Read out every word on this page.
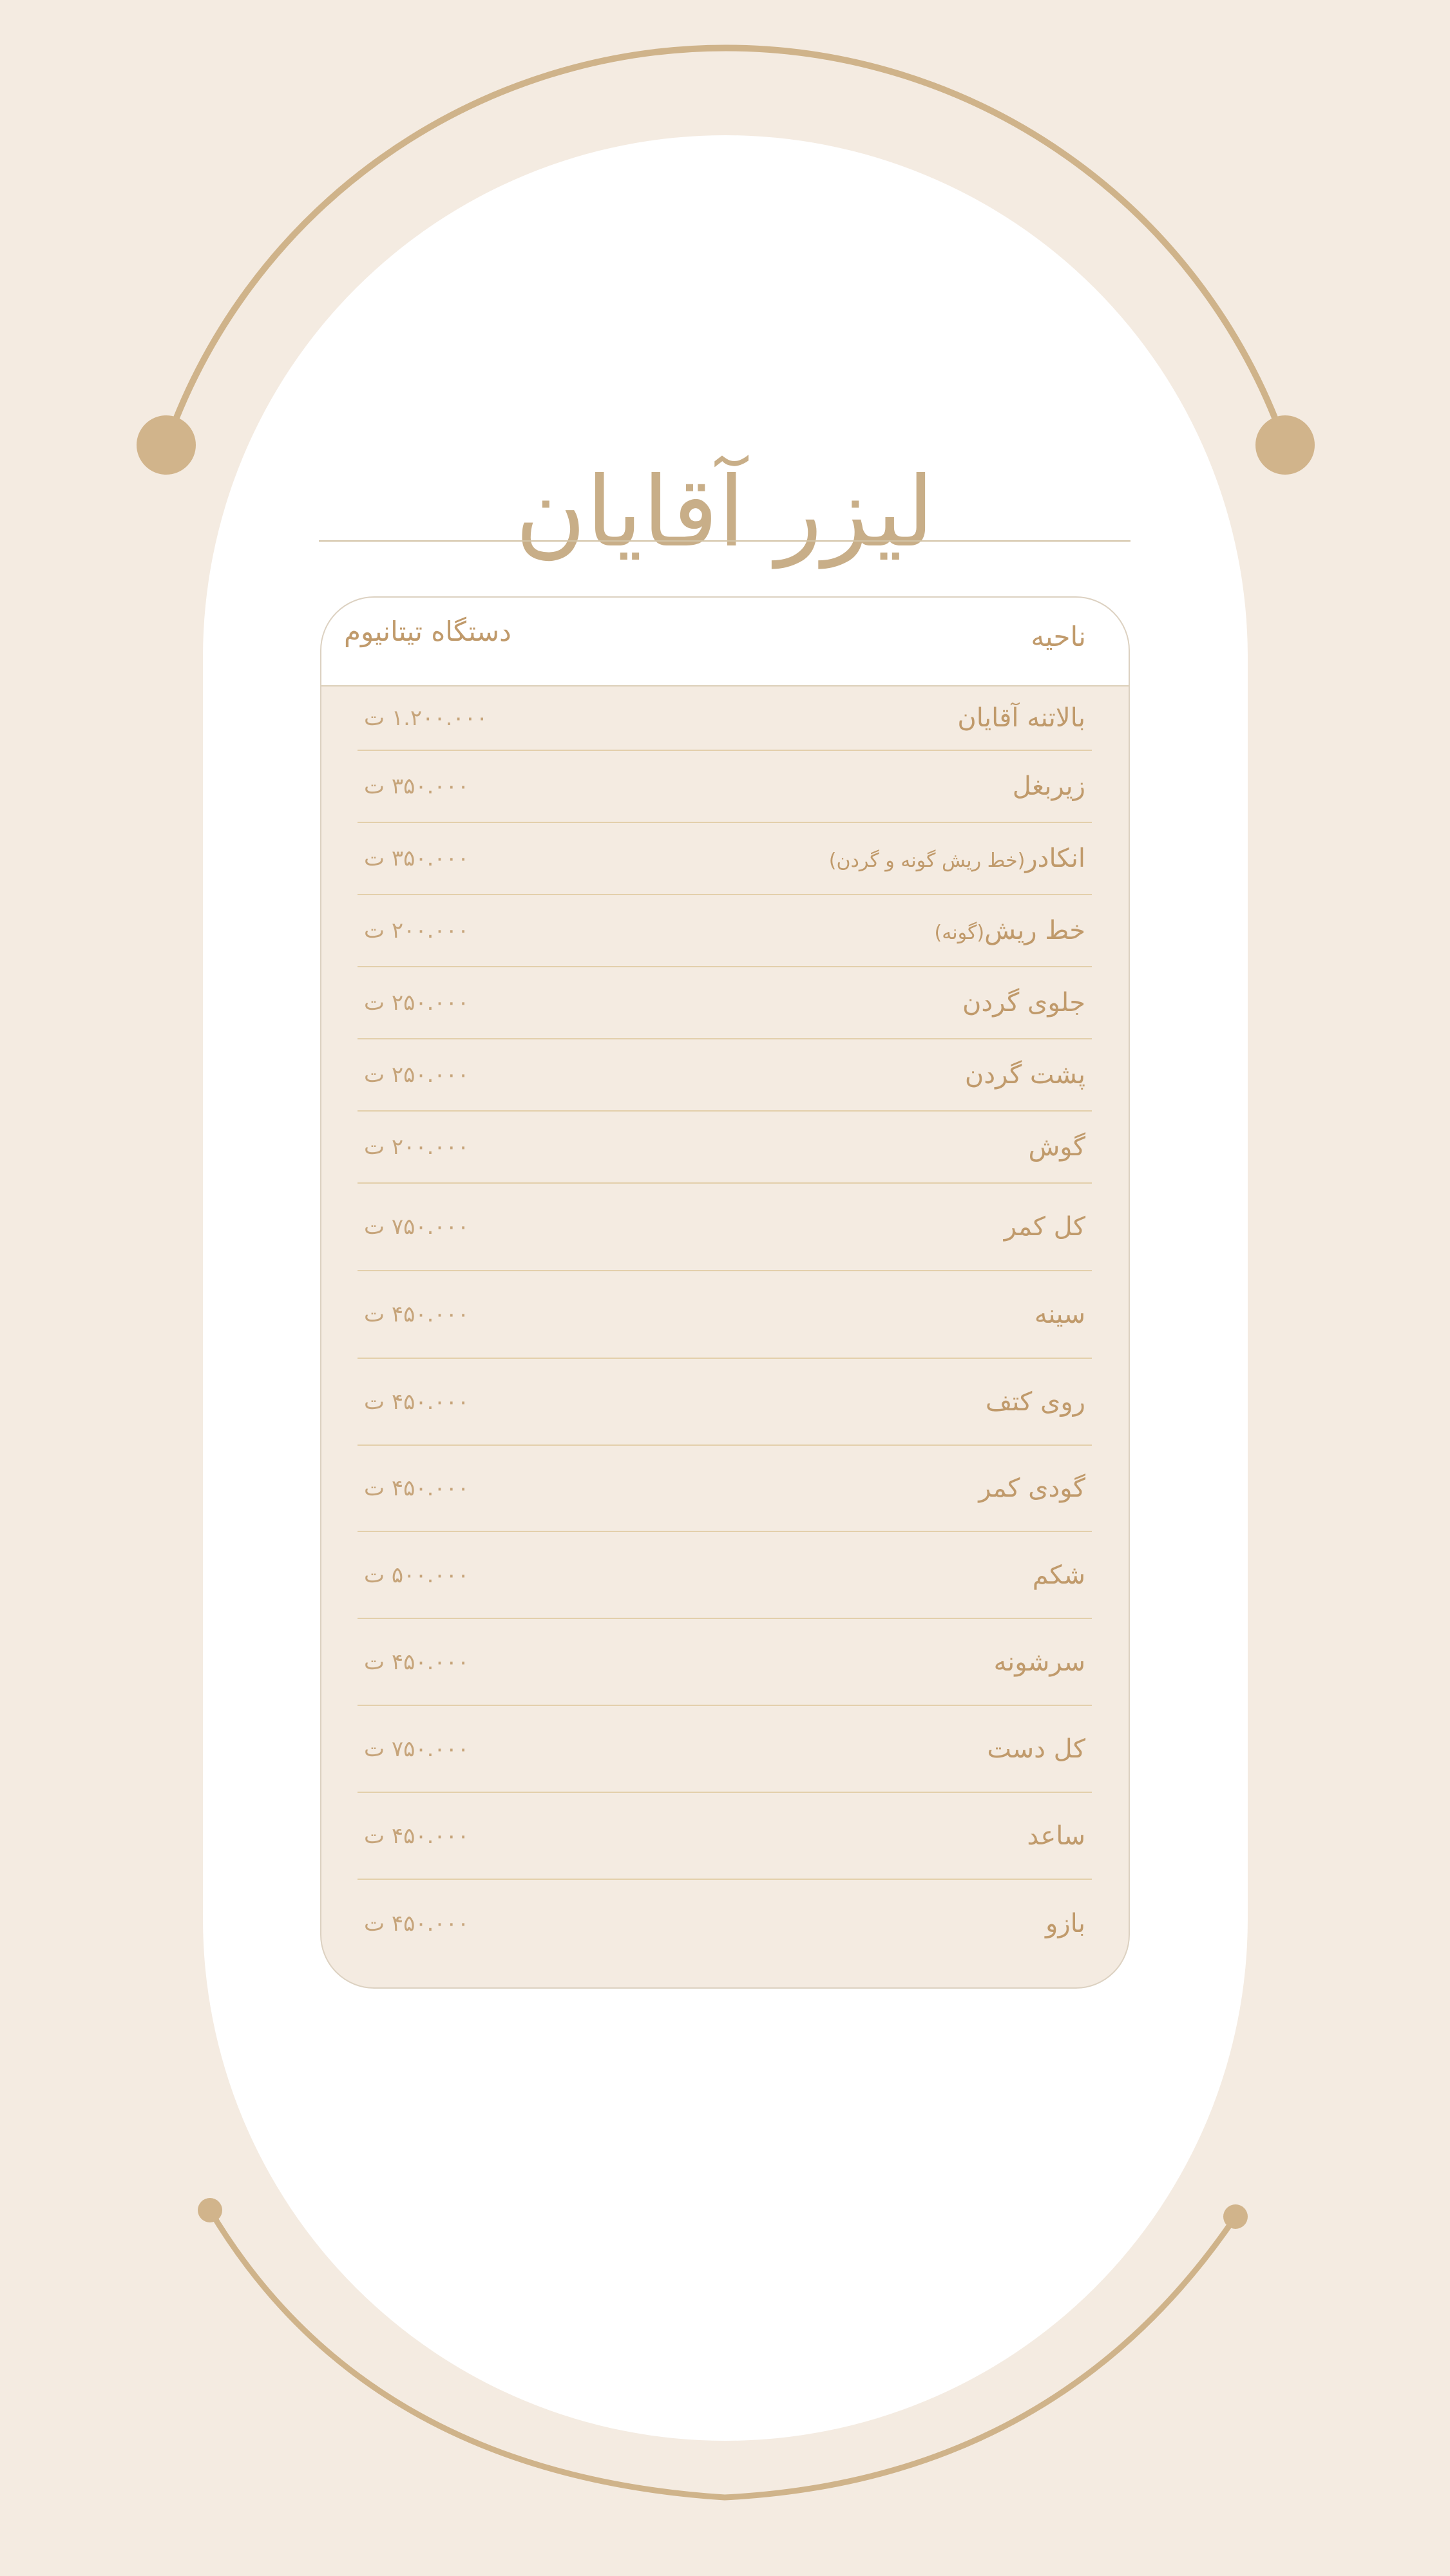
لیزر آقایان
ناحیه
دستگاه تیتانیوم
بالاتنه آقایان
۱.۲۰۰.۰۰۰ ت
زیربغل
۳۵۰.۰۰۰ ت
انکادر(خط ریش گونه و گردن)
۳۵۰.۰۰۰ ت
خط ریش(گونه)
۲۰۰.۰۰۰ ت
جلوی گردن
۲۵۰.۰۰۰ ت
پشت گردن
۲۵۰.۰۰۰ ت
گوش
۲۰۰.۰۰۰ ت
کل کمر
۷۵۰.۰۰۰ ت
سینه
۴۵۰.۰۰۰ ت
روی کتف
۴۵۰.۰۰۰ ت
گودی کمر
۴۵۰.۰۰۰ ت
شکم
۵۰۰.۰۰۰ ت
سرشونه
۴۵۰.۰۰۰ ت
کل دست
۷۵۰.۰۰۰ ت
ساعد
۴۵۰.۰۰۰ ت
بازو
۴۵۰.۰۰۰ ت
